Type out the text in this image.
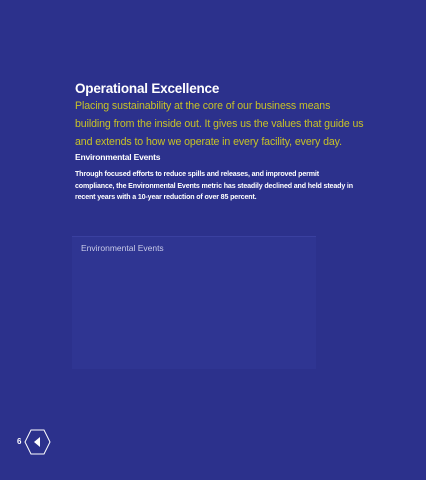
Operational Excellence
Placing sustainability at the core of our business means building from the inside out. It gives us the values that guide us and extends to how we operate in every facility, every day.
Environmental Events
Through focused efforts to reduce spills and releases, and improved permit compliance, the Environmental Events metric has steadily declined and held steady in recent years with a 10-year reduction of over 85 percent.
Environmental Events
6
